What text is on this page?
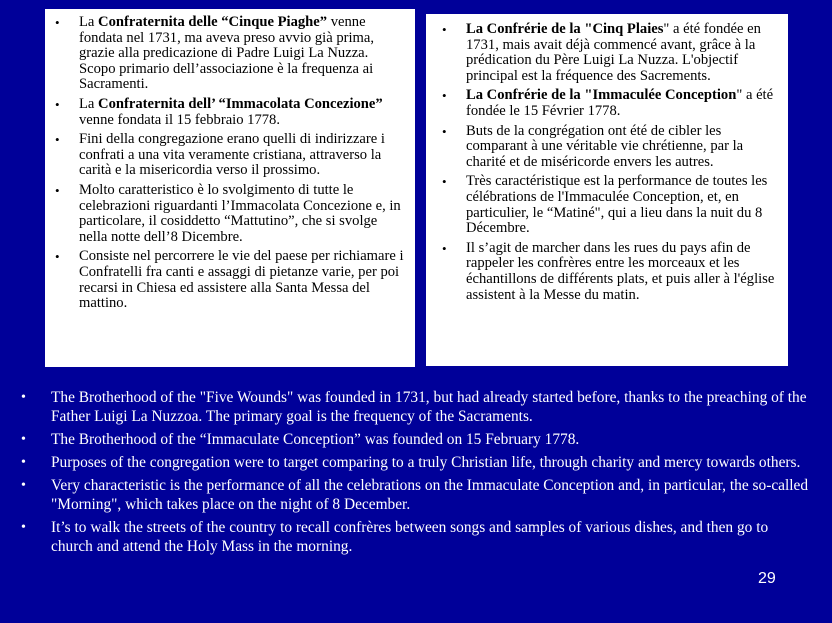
• La Confraternita delle “Cinque Piaghe” venne fondata nel 1731, ma aveva preso avvio già prima, grazie alla predicazione di Padre Luigi La Nuzza. Scopo primario dell’associazione è la frequenza ai Sacramenti.
• La Confraternita dell’ “Immacolata Concezione” venne fondata il 15 febbraio 1778.
• Fini della congregazione erano quelli di indirizzare i confrati a una vita veramente cristiana, attraverso la carità e la misericordia verso il prossimo.
• Molto caratteristico è lo svolgimento di tutte le celebrazioni riguardanti l’Immacolata Concezione e, in particolare, il cosiddetto “Mattutino”, che si svolge nella notte dell’8 Dicembre.
• Consiste nel percorrere le vie del paese per richiamare i Confratelli fra canti e assaggi di pietanze varie, per poi recarsi in Chiesa ed assistere alla Santa Messa del mattino.
• La Confrérie de la "Cinq Plaies" a été fondée en 1731, mais avait déjà commencé avant, grâce à la prédication du Père Luigi La Nuzza. L'objectif principal est la fréquence des Sacrements.
• La Confrérie de la "Immaculée Conception" a été fondée le 15 Février 1778.
• Buts de la congrégation ont été de cibler les comparant à une véritable vie chrétienne, par la charité et de miséricorde envers les autres.
• Très caractéristique est la performance de toutes les célébrations de l'Immaculée Conception, et, en particulier, le “Matiné", qui a lieu dans la nuit du 8 Décembre.
• Il s’agit de marcher dans les rues du pays afin de rappeler les confrères entre les morceaux et les échantillons de différents plats, et puis aller à l'église assistent à la Messe du matin.
• The Brotherhood of the "Five Wounds" was founded in 1731, but had already started before, thanks to the preaching of the Father Luigi La Nuzzoa. The primary goal is the frequency of the Sacraments.
• The Brotherhood of the “Immaculate Conception” was founded on 15 February 1778.
• Purposes of the congregation were to target comparing to a truly Christian life, through charity and mercy towards others.
• Very characteristic is the performance of all the celebrations on the Immaculate Conception and, in particular, the so-called "Morning", which takes place on the night of 8 December.
• It’s to walk the streets of the country to recall confrères between songs and samples of various dishes, and then go to church and attend the Holy Mass in the morning.
29
